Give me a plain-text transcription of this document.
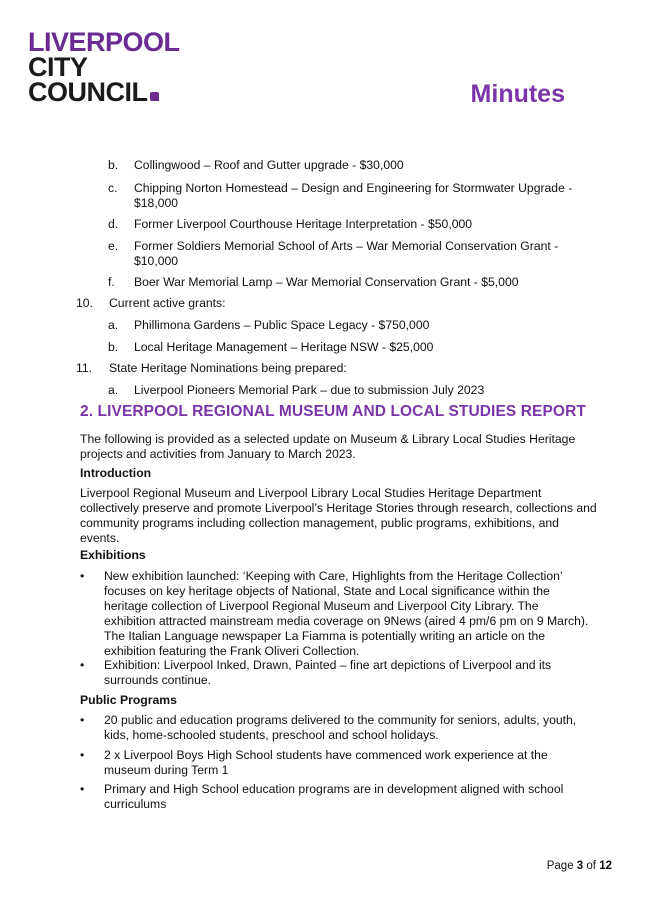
LIVERPOOL
CITY
COUNCIL	Minutes
b. Collingwood – Roof and Gutter upgrade - $30,000
c. Chipping Norton Homestead – Design and Engineering for Stormwater Upgrade -
$18,000
d. Former Liverpool Courthouse Heritage Interpretation - $50,000
e. Former Soldiers Memorial School of Arts – War Memorial Conservation Grant -
$10,000
f. Boer War Memorial Lamp – War Memorial Conservation Grant - $5,000
10. Current active grants:
a. Phillimona Gardens – Public Space Legacy - $750,000
b. Local Heritage Management – Heritage NSW - $25,000
11. State Heritage Nominations being prepared:
a. Liverpool Pioneers Memorial Park – due to submission July 2023
2. LIVERPOOL REGIONAL MUSEUM AND LOCAL STUDIES REPORT
The following is provided as a selected update on Museum & Library Local Studies Heritage projects and activities from January to March 2023.
Introduction
Liverpool Regional Museum and Liverpool Library Local Studies Heritage Department collectively preserve and promote Liverpool’s Heritage Stories through research, collections and community programs including collection management, public programs, exhibitions, and events.
Exhibitions
• New exhibition launched: ‘Keeping with Care, Highlights from the Heritage Collection’ focuses on key heritage objects of National, State and Local significance within the heritage collection of Liverpool Regional Museum and Liverpool City Library. The exhibition attracted mainstream media coverage on 9News (aired 4 pm/6 pm on 9 March). The Italian Language newspaper La Fiamma is potentially writing an article on the exhibition featuring the Frank Oliveri Collection.
• Exhibition: Liverpool Inked, Drawn, Painted – fine art depictions of Liverpool and its surrounds continue.
Public Programs
• 20 public and education programs delivered to the community for seniors, adults, youth, kids, home-schooled students, preschool and school holidays.
• 2 x Liverpool Boys High School students have commenced work experience at the museum during Term 1
• Primary and High School education programs are in development aligned with school curriculums
Page 3 of 12
